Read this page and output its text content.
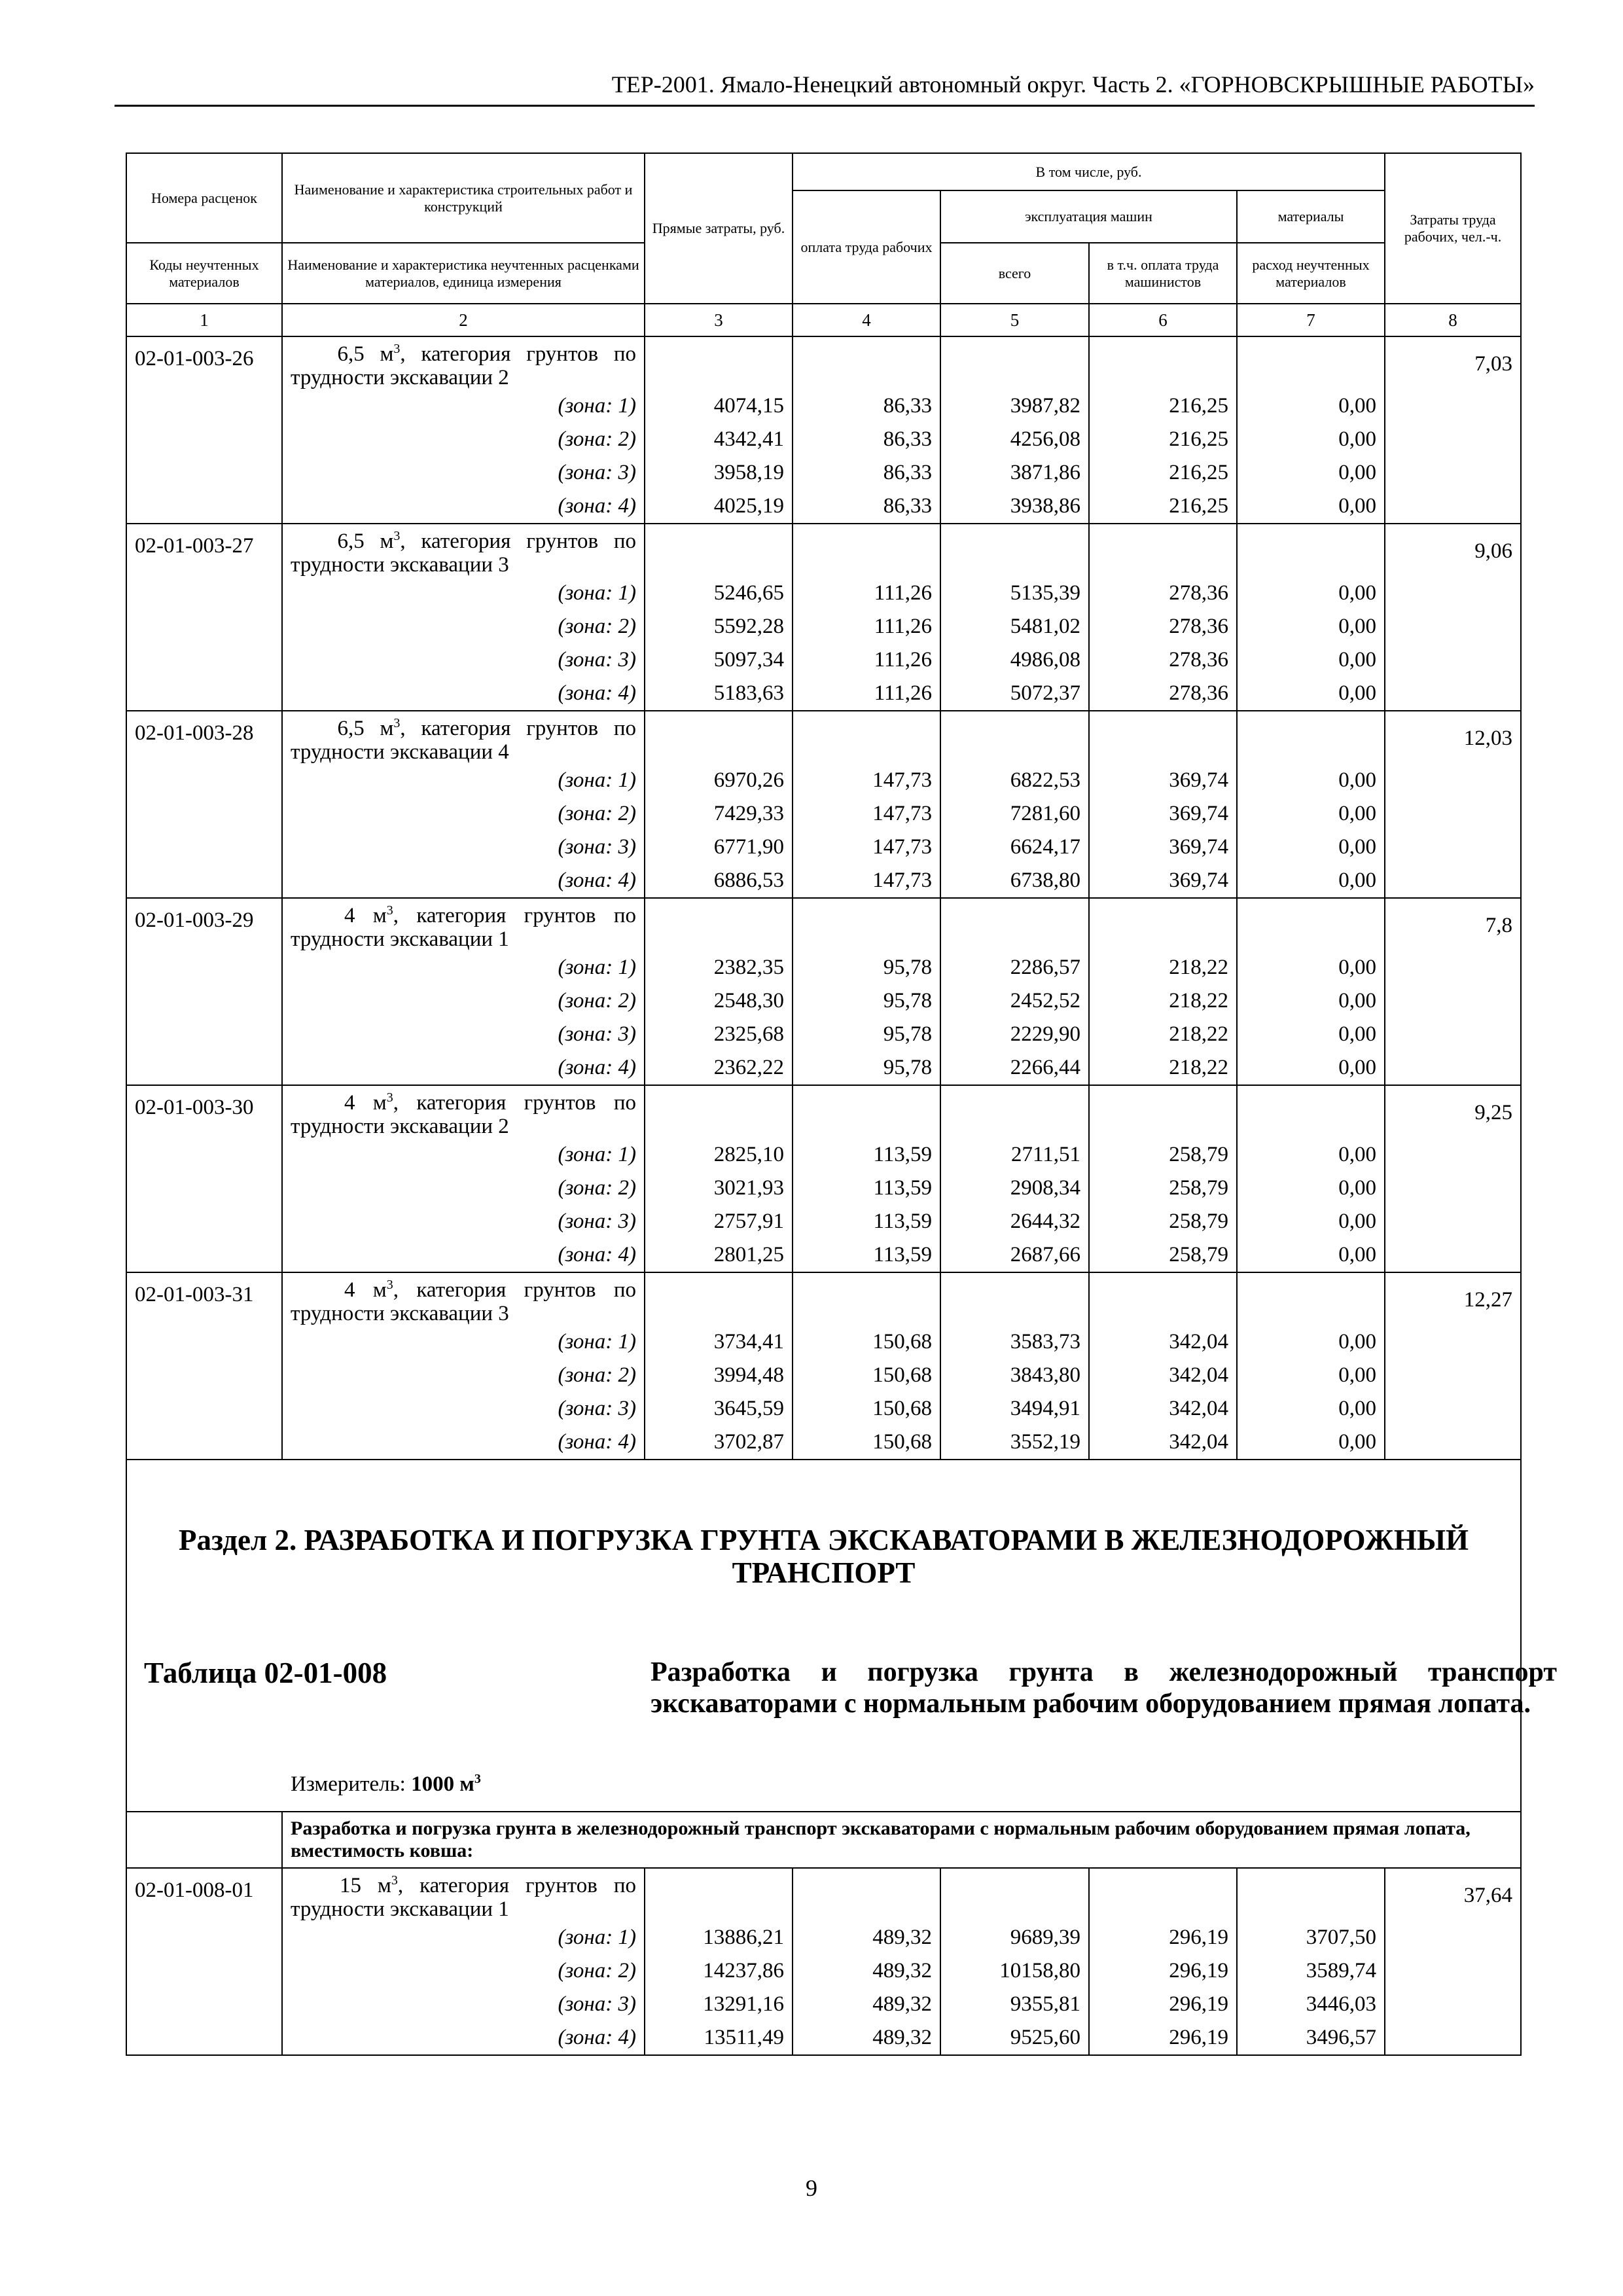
ТЕР-2001. Ямало-Ненецкий автономный округ. Часть 2. «ГОРНОВСКРЫШНЫЕ РАБОТЫ»
Номера расценок	Наименование и характеристика строительных работ и конструкций	Прямые затраты, руб.	В том числе, руб.				Затраты труда рабочих, чел.-ч.
			оплата труда рабочих	эксплуатация машин		материалы	
Коды неучтенных материалов	Наименование и характеристика неучтенных расценками материалов, единица измерения			всего	в т.ч. оплата труда машинистов	расход неучтенных материалов	
1	2	3	4	5	6	7	8
02-01-003-26	6,5 $м^3$, категория грунтов по трудности экскавации 2						7,03
	(зона: 1)	4074,15	86,33	3987,82	216,25	0,00	
	(зона: 2)	4342,41	86,33	4256,08	216,25	0,00	
	(зона: 3)	3958,19	86,33	3871,86	216,25	0,00	
	(зона: 4)	4025,19	86,33	3938,86	216,25	0,00	
02-01-003-27	6,5 $м^3$, категория грунтов по трудности экскавации 3						9,06
	(зона: 1)	5246,65	111,26	5135,39	278,36	0,00	
	(зона: 2)	5592,28	111,26	5481,02	278,36	0,00	
	(зона: 3)	5097,34	111,26	4986,08	278,36	0,00	
	(зона: 4)	5183,63	111,26	5072,37	278,36	0,00	
02-01-003-28	6,5 $м^3$, категория грунтов по трудности экскавации 4						12,03
	(зона: 1)	6970,26	147,73	6822,53	369,74	0,00	
	(зона: 2)	7429,33	147,73	7281,60	369,74	0,00	
	(зона: 3)	6771,90	147,73	6624,17	369,74	0,00	
	(зона: 4)	6886,53	147,73	6738,80	369,74	0,00	
02-01-003-29	4 $м^3$, категория грунтов по трудности экскавации 1						7,8
	(зона: 1)	2382,35	95,78	2286,57	218,22	0,00	
	(зона: 2)	2548,30	95,78	2452,52	218,22	0,00	
	(зона: 3)	2325,68	95,78	2229,90	218,22	0,00	
	(зона: 4)	2362,22	95,78	2266,44	218,22	0,00	
02-01-003-30	4 $м^3$, категория грунтов по трудности экскавации 2						9,25
	(зона: 1)	2825,10	113,59	2711,51	258,79	0,00	
	(зона: 2)	3021,93	113,59	2908,34	258,79	0,00	
	(зона: 3)	2757,91	113,59	2644,32	258,79	0,00	
	(зона: 4)	2801,25	113,59	2687,66	258,79	0,00	
02-01-003-31	4 $м^3$, категория грунтов по трудности экскавации 3						12,27
	(зона: 1)	3734,41	150,68	3583,73	342,04	0,00	
	(зона: 2)	3994,48	150,68	3843,80	342,04	0,00	
	(зона: 3)	3645,59	150,68	3494,91	342,04	0,00	
	(зона: 4)	3702,87	150,68	3552,19	342,04	0,00	

Раздел 2. РАЗРАБОТКА И ПОГРУЗКА ГРУНТА ЭКСКАВАТОРАМИ В ЖЕЛЕЗНОДОРОЖНЫЙ ТРАНСПОРТ
Таблица 02-01-008 Разработка и погрузка грунта в железнодорожный транспорт экскаваторами с нормальным рабочим оборудованием прямая лопата.
Измеритель: 1000 $м^3$

	Разработка и погрузка грунта в железнодорожный транспорт экскаваторами с нормальным рабочим оборудованием прямая лопата, вместимость ковша:						
02-01-008-01	15 $м^3$, категория грунтов по трудности экскавации 1						37,64
	(зона: 1)	13886,21	489,32	9689,39	296,19	3707,50	
	(зона: 2)	14237,86	489,32	10158,80	296,19	3589,74	
	(зона: 3)	13291,16	489,32	9355,81	296,19	3446,03	
	(зона: 4)	13511,49	489,32	9525,60	296,19	3496,57	
9
